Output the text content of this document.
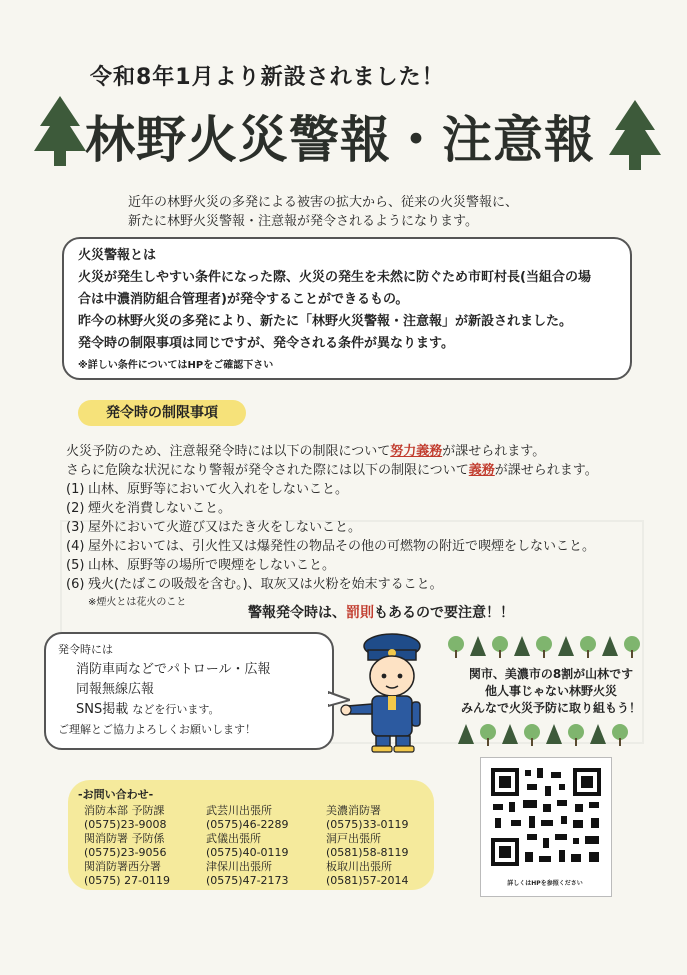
令和8年1月より新設されました！
林野火災警報・注意報
近年の林野火災の多発による被害の拡大から、従来の火災警報に、
新たに林野火災警報・注意報が発令されるようになります。
火災警報とは
火災が発生しやすい条件になった際、火災の発生を未然に防ぐため市町村長(当組合の場
合は中濃消防組合管理者)が発令することができるもの。
昨今の林野火災の多発により、新たに「林野火災警報・注意報」が新設されました。
発令時の制限事項は同じですが、発令される条件が異なります。
※詳しい条件についてはHPをご確認下さい
発令時の制限事項
火災予防のため、注意報発令時には以下の制限について努力義務が課せられます。
さらに危険な状況になり警報が発令された際には以下の制限について義務が課せられます。
(1) 山林、原野等において火入れをしないこと。
(2) 煙火を消費しないこと。
(3) 屋外において火遊び又はたき火をしないこと。
(4) 屋外においては、引火性又は爆発性の物品その他の可燃物の附近で喫煙をしないこと。
(5) 山林、原野等の場所で喫煙をしないこと。
(6) 残火(たばこの吸殻を含む。)、取灰又は火粉を始末すること。
※煙火とは花火のこと
警報発令時は、罰則もあるので要注意！！
発令時には
消防車両などでパトロール・広報
同報無線広報
SNS掲載 などを行います。
ご理解とご協力よろしくお願いします！
関市、美濃市の8割が山林です
他人事じゃない林野火災
みんなで火災予防に取り組もう！
-お問い合わせ-
消防本部 予防課
(0575)23-9008
武芸川出張所
(0575)46-2289
美濃消防署
(0575)33-0119
関消防署 予防係
(0575)23-9056
武儀出張所
(0575)40-0119
洞戸出張所
(0581)58-8119
関消防署西分署
(0575) 27-0119
津保川出張所
(0575)47-2173
板取川出張所
(0581)57-2014	詳しくはHPを参照ください
